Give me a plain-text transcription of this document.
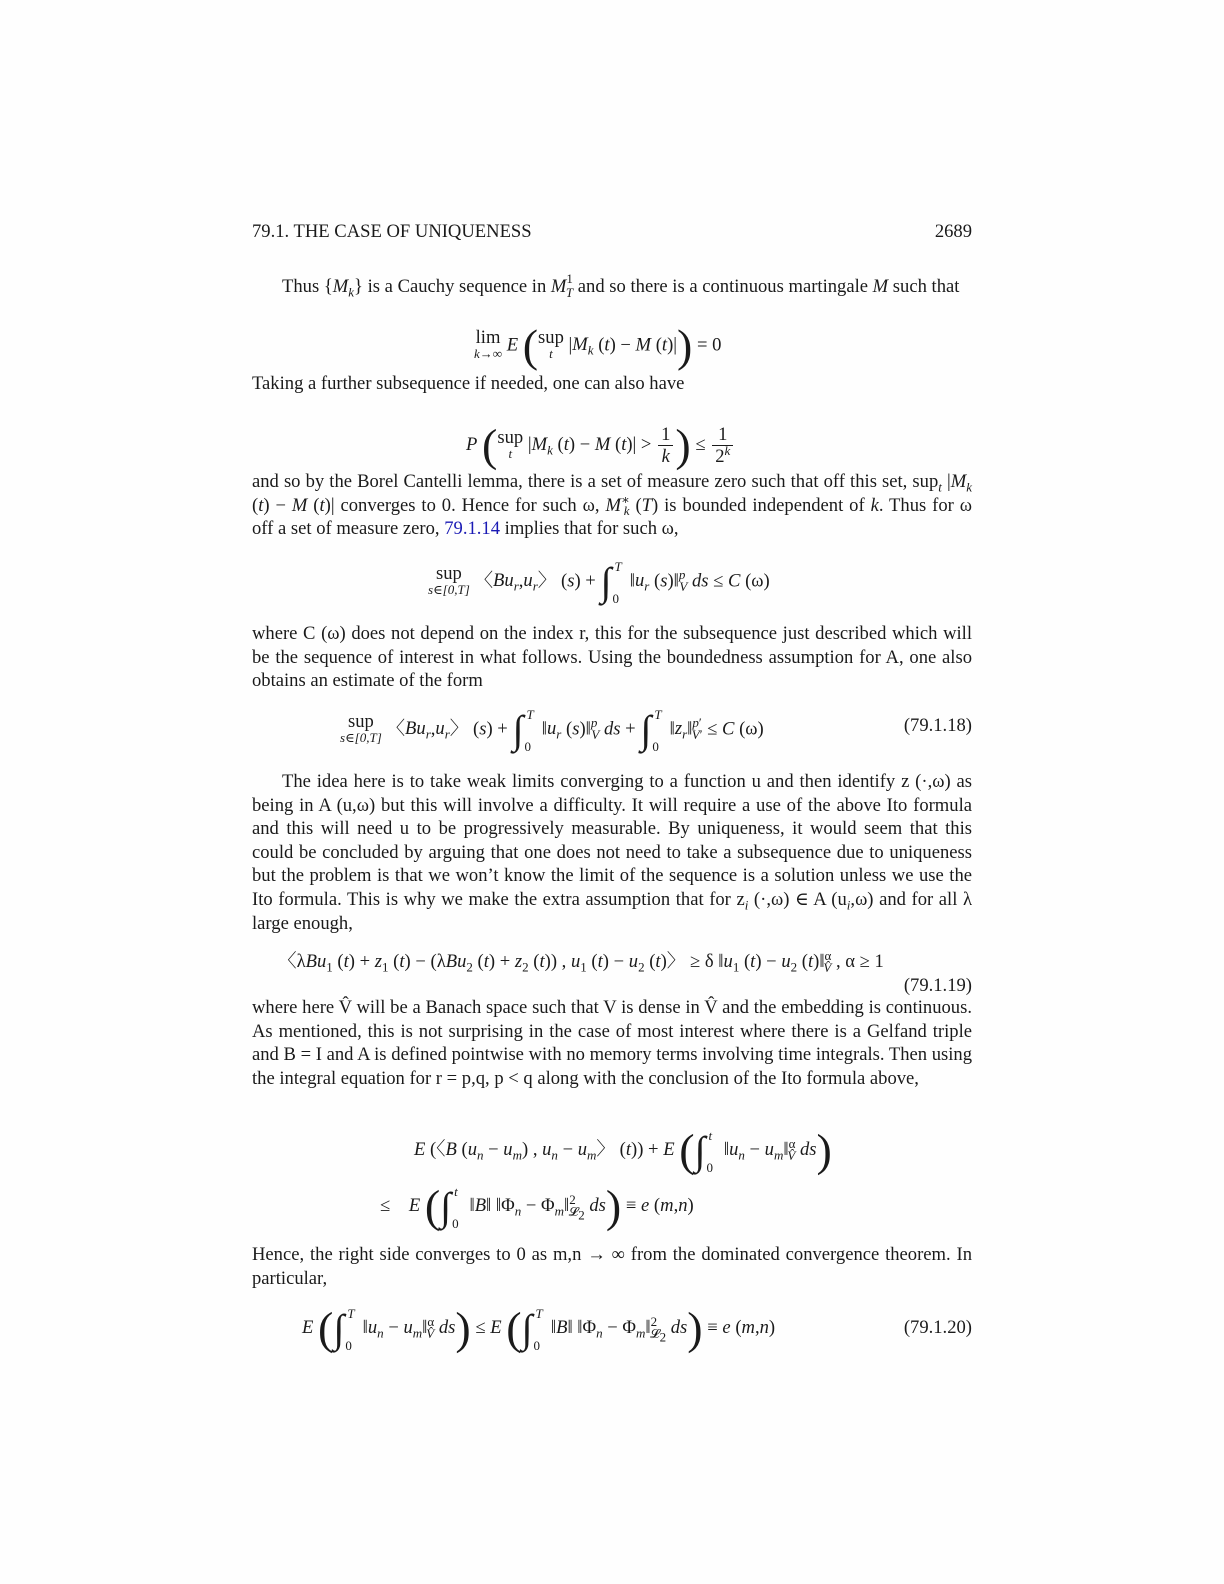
79.1. THE CASE OF UNIQUENESS	2689
Thus $\{M_k\}$ is a Cauchy sequence in $M^1_T$ and so there is a continuous martingale M such that
lim
k→∞ E (sup
t $|M_k$ (t) − M (t)|) = 0
Taking a further subsequence if needed, one can also have
P (sup
t $|M_k$ (t) − M $(t)| > \frac{1}{k}$ ) ≤ $\frac{1}{2^k}$
and so by the Borel Cantelli lemma, there is a set of measure zero such that off this set, sup$_t$ $|M_k$ (t) − M (t)| converges to 0. Hence for such ω, $M^∗_k$ (T) is bounded independent of k. Thus for ω off a set of measure zero, 79.1.14 implies that for such ω,
sup
s∈[0,T] 〈$Bu_r,u_r$〉 (s) + ∫ T
0
$‖u_r$ (s)‖$^p_V$ ds ≤ C (ω)
where C (ω) does not depend on the index r, this for the subsequence just described which will be the sequence of interest in what follows. Using the boundedness assumption for A, one also obtains an estimate of the form
sup
s∈[0,T] 〈$Bu_r,u_r$〉 (s) + ∫ T
0
$‖u_r$ (s)‖$^p_V$ ds + ∫ T
0
$‖z_r‖^{p'}_{V'} \le C$ (ω)	(79.1.18)
The idea here is to take weak limits converging to a function u and then identify z (·,ω) as being in A (u,ω) but this will involve a difficulty. It will require a use of the above Ito formula and this will need u to be progressively measurable. By uniqueness, it would seem that this could be concluded by arguing that one does not need to take a subsequence due to uniqueness but the problem is that we won’t know the limit of the sequence is a solution unless we use the Ito formula. This is why we make the extra assumption that for $z_i$ (·,ω) ∈ A $(u_i,\omega)$ and for all λ large enough,
〈λBu$_1$ $(t) + z_1$ (t) − (λBu$_2$ $(t) + z_2$ (t)) , $u_1$ $(t) - u_2$ (t)〉 ≥ δ $‖u_1$ $(t) - u_2$ (t)‖$^\alpha_{V̂}$ , α ≥ 1
(79.1.19)
where here V̂ will be a Banach space such that V is dense in V̂ and the embedding is continuous. As mentioned, this is not surprising in the case of most interest where there is a Gelfand triple and B = I and A is defined pointwise with no memory terms involving time integrals. Then using the integral equation for r = p,q, p < q along with the conclusion of the Ito formula above,
E (〈B $(u_n - u_m)$ , $u_n - u_m$〉 (t)) + E (∫ t
0
$‖u_n$ − $u_m‖^\alpha_{V̂}$ ds)
≤    E (∫ t
0
‖B‖ $‖\Phi_n$ − $\Phi_m‖^2_{𝓛_2}$ ds) ≡ e (m,n)
Hence, the right side converges to 0 as m,n → ∞ from the dominated convergence theorem. In particular,
E (∫ T
0
$‖u_n$ − $u_m‖^\alpha_{V̂}$ ds) ≤ E (∫ T
0
‖B‖ $‖\Phi_n$ − $\Phi_m‖^2_{𝓛_2}$ ds) ≡ e (m,n)	(79.1.20)
